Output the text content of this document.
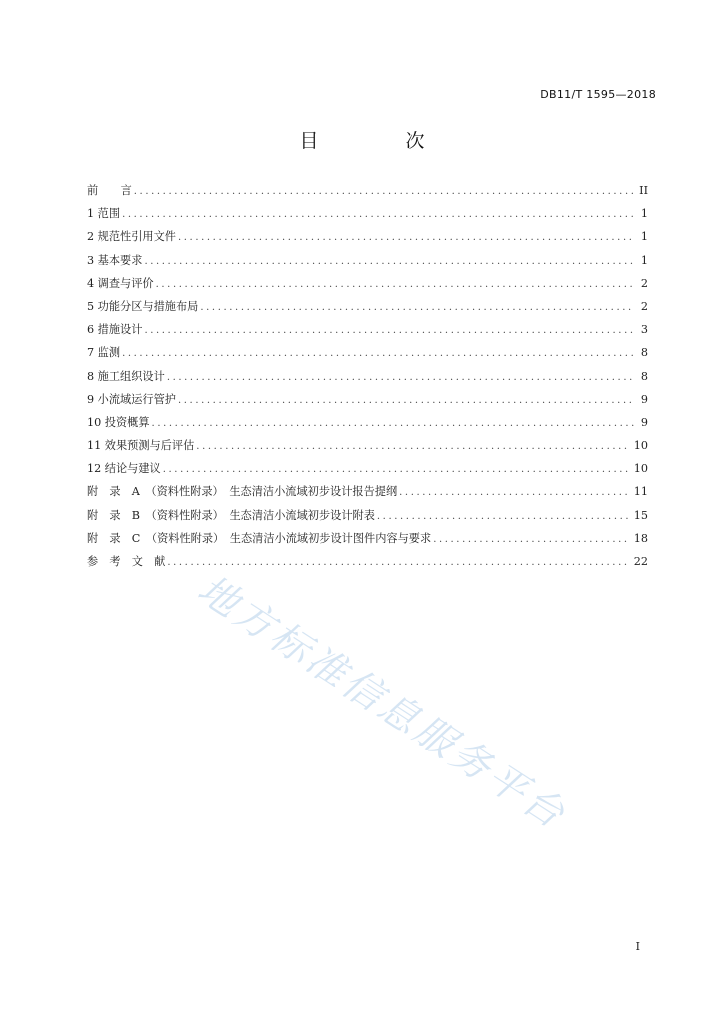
DB11/T 1595—2018
目　次
前　　言 .....	II
1 范围 .....	1
2 规范性引用文件 .....	1
3 基本要求 .....	1
4 调查与评价 .....	2
5 功能分区与措施布局 .....	2
6 措施设计 .....	3
7 监测 .....	8
8 施工组织设计 .....	8
9 小流域运行管护 .....	9
10 投资概算 .....	9
11 效果预测与后评估 .....	10
12 结论与建议 .....	10
附　录　A　（资料性附录）　生态清洁小流域初步设计报告提纲 .....	11
附　录　B　（资料性附录）　生态清洁小流域初步设计附表 .....	15
附　录　C　（资料性附录）　生态清洁小流域初步设计图件内容与要求 .....	18
参　考　文　献 .....	22
地方标准信息服务平台
I
